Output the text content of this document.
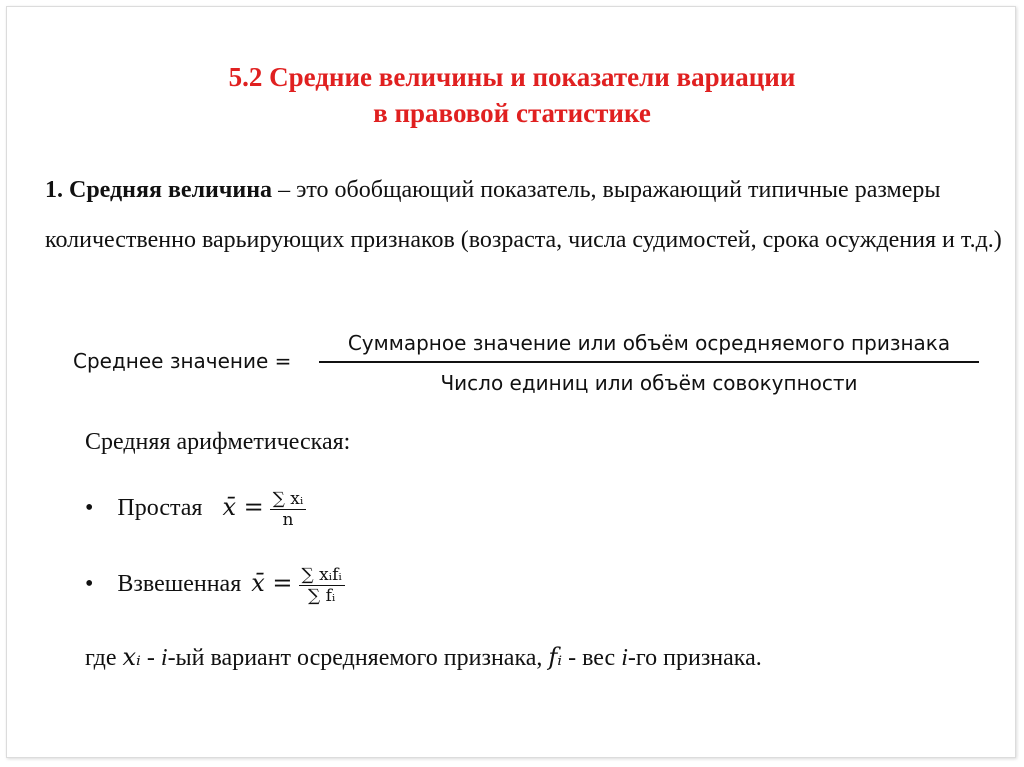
5.2 Средние величины и показатели вариации
в правовой статистике
1. Средняя величина – это обобщающий показатель, выражающий типичные размеры количественно варьирующих признаков (возраста, числа судимостей, срока осуждения и т.д.)
Среднее значение =
Суммарное значение или объём осредняемого признака
Число единиц или объём совокупности
Средняя арифметическая:
• Простая x̄ = $\frac{\text{∑ xᵢ}}{n}$
• Взвешенная x̄ = ∑ xᵢfᵢ
∑ fᵢ
где xᵢ - i-ый вариант осредняемого признака, fᵢ - вес i-го признака.
